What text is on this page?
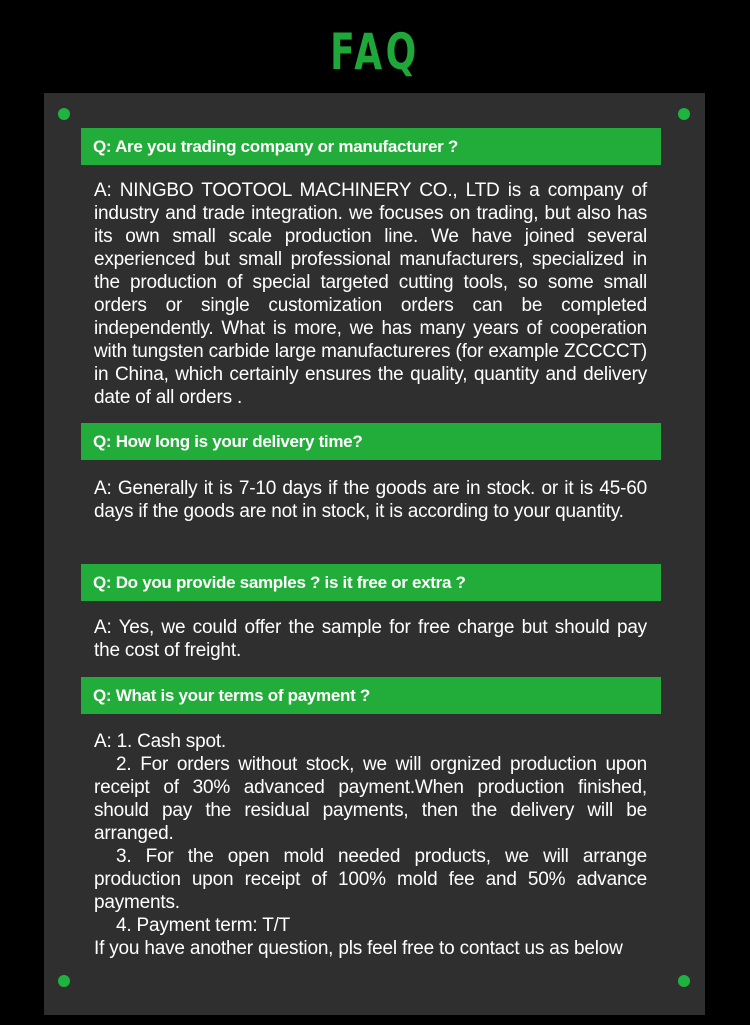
FAQ
Q: Are you trading company or manufacturer ?

A: NINGBO TOOTOOL MACHINERY CO., LTD is a company of industry and trade integration. we focuses on trading, but also has its own small scale production line. We have joined several experienced but small professional manufacturers, specialized in the production of special targeted cutting tools, so some small orders or single customization orders can be completed independently. What is more, we has many years of cooperation with tungsten carbide large manufactureres (for example ZCCCCT) in China, which certainly ensures the quality, quantity and delivery date of all orders .

Q: How long is your delivery time?

A: Generally it is 7-10 days if the goods are in stock. or it is 45-60 days if the goods are not in stock, it is according to your quantity.

Q: Do you provide samples ? is it free or extra ?

A: Yes, we could offer the sample for free charge but should pay the cost of freight.

Q: What is your terms of payment ?

A: 1. Cash spot.

2. For orders without stock, we will orgnized production upon receipt of 30% advanced payment.When production finished, should pay the residual payments, then the delivery will be arranged.

3. For the open mold needed products, we will arrange production upon receipt of 100% mold fee and 50% advance payments.

4. Payment term: T/T

If you have another question, pls feel free to contact us as below
